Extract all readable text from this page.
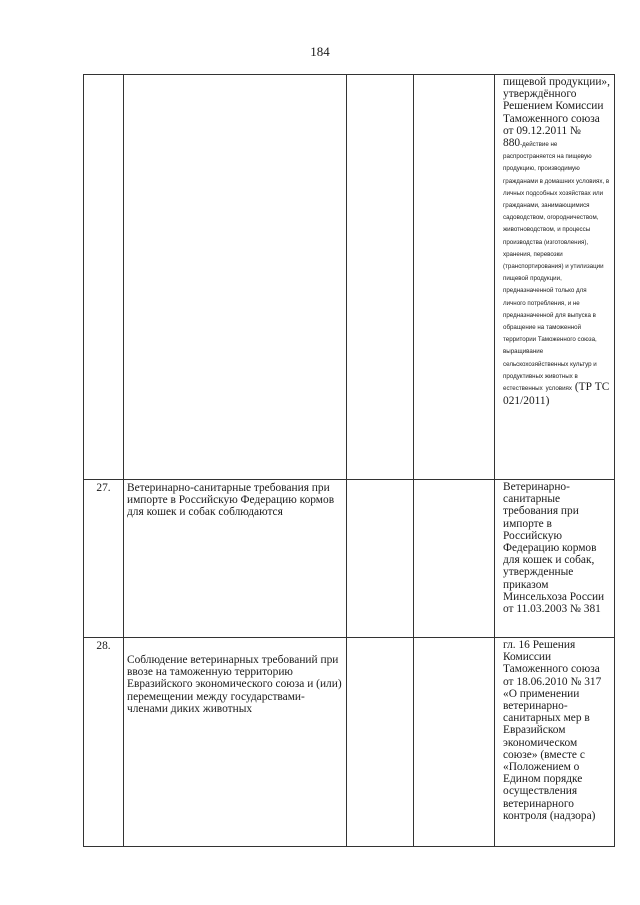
184

				пищевой продукции», утверждённого Решением Комиссии Таможенного союза от 09.12.2011 №
880-действие не распространяется на пищевую продукцию, производимую гражданами в домашних условиях, в личных подсобных хозяйствах или гражданами, занимающимися садоводством, огородничеством, животноводством, и процессы производства (изготовления), хранения, перевозки (транспортирования) и утилизации пищевой продукции, предназначенной только для личного потребления, и не предназначенной для выпуска в обращение на таможенной территории Таможенного союза, выращивание сельскохозяйственных культур и продуктивных животных в естественных условиях (ТР ТС 021/2011)
27.	Ветеринарно-санитарные требования при импорте в Российскую Федерацию кормов для кошек и собак соблюдаются			Ветеринарно-санитарные требования при импорте в Российскую Федерацию кормов для кошек и собак, утвержденные приказом Минсельхоза России от 11.03.2003 № 381
28.	Соблюдение ветеринарных требований при ввозе на таможенную территорию Евразийского экономического союза и (или) перемещении между государствами-членами диких животных			гл. 16 Решения Комиссии Таможенного союза от 18.06.2010 № 317 «О применении ветеринарно-санитарных мер в Евразийском экономическом союзе» (вместе с «Положением о Едином порядке осуществления ветеринарного контроля (надзора)
